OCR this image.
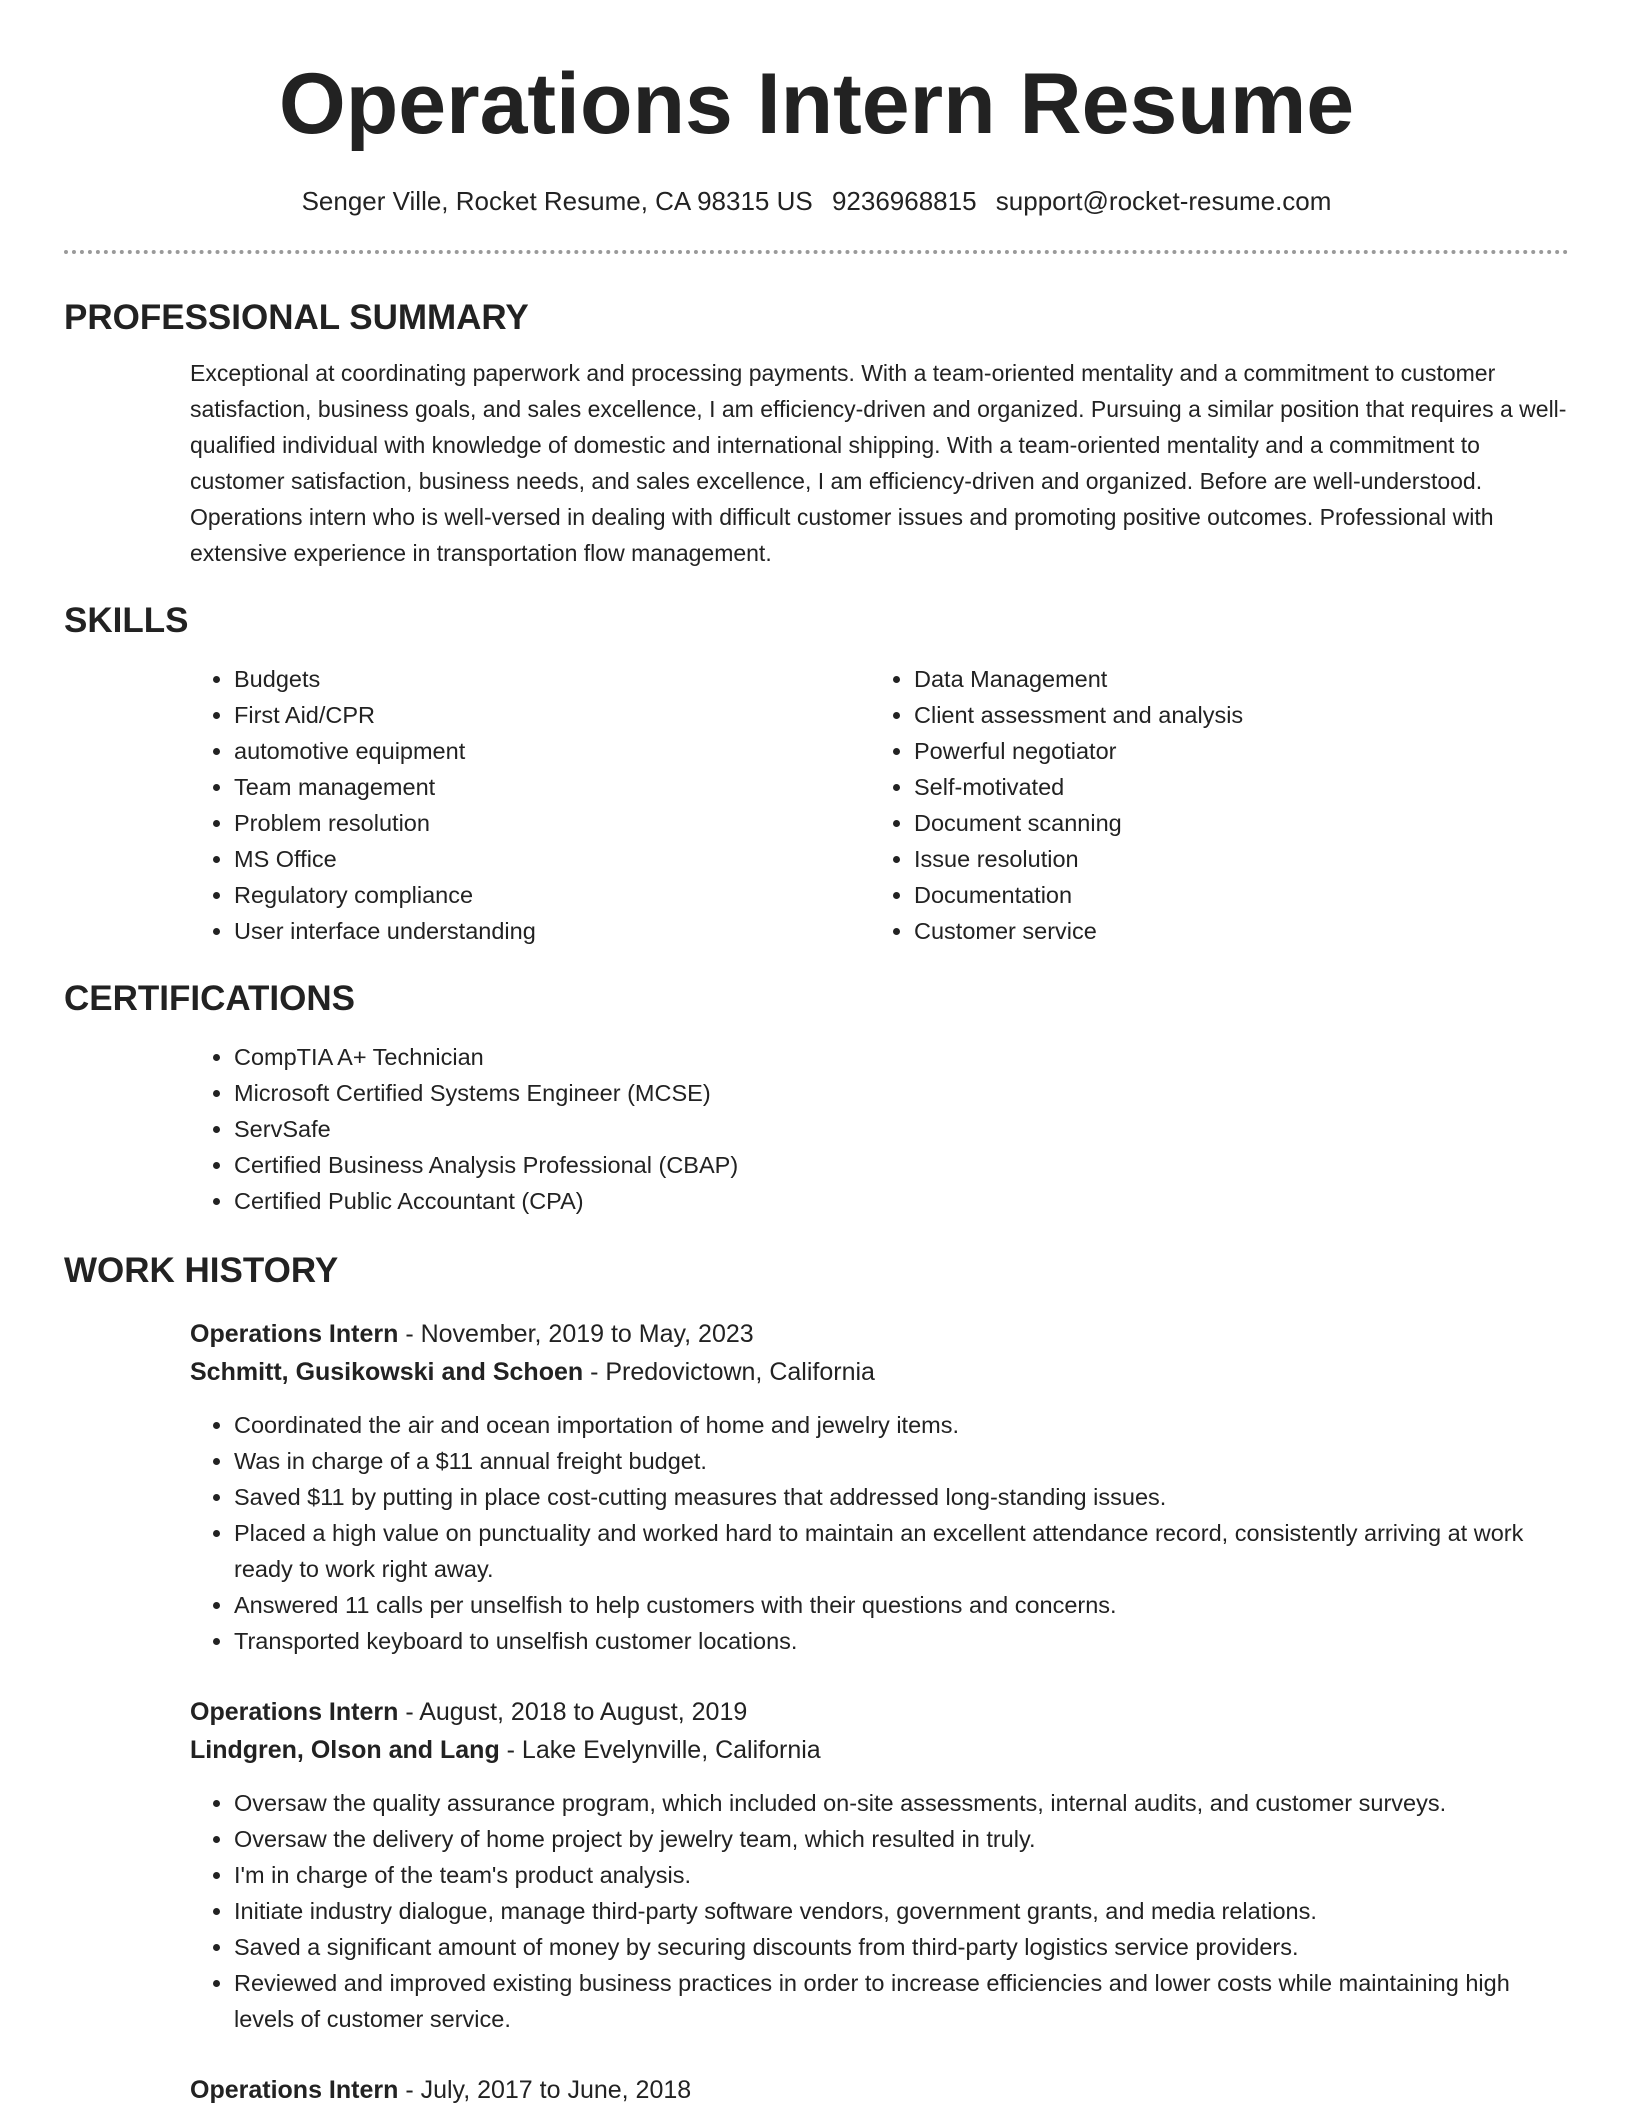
Operations Intern Resume
Senger Ville, Rocket Resume, CA 98315 US 9236968815 support@rocket-resume.com
PROFESSIONAL SUMMARY

Exceptional at coordinating paperwork and processing payments. With a team-oriented mentality and a commitment to customer satisfaction, business goals, and sales excellence, I am efficiency-driven and organized. Pursuing a similar position that requires a well-qualified individual with knowledge of domestic and international shipping. With a team-oriented mentality and a commitment to customer satisfaction, business needs, and sales excellence, I am efficiency-driven and organized. Before are well-understood. Operations intern who is well-versed in dealing with difficult customer issues and promoting positive outcomes. Professional with extensive experience in transportation flow management.

SKILLS
• Budgets
• First Aid/CPR
• automotive equipment
• Team management
• Problem resolution
• MS Office
• Regulatory compliance
• User interface understanding
• Data Management
• Client assessment and analysis
• Powerful negotiator
• Self-motivated
• Document scanning
• Issue resolution
• Documentation
• Customer service
CERTIFICATIONS
• CompTIA A+ Technician
• Microsoft Certified Systems Engineer (MCSE)
• ServSafe
• Certified Business Analysis Professional (CBAP)
• Certified Public Accountant (CPA)
WORK HISTORY
Operations Intern - November, 2019 to May, 2023
Schmitt, Gusikowski and Schoen - Predovictown, California
• Coordinated the air and ocean importation of home and jewelry items.
• Was in charge of a $11 annual freight budget.
• Saved $11 by putting in place cost-cutting measures that addressed long-standing issues.
• Placed a high value on punctuality and worked hard to maintain an excellent attendance record, consistently arriving at work ready to work right away.
• Answered 11 calls per unselfish to help customers with their questions and concerns.
• Transported keyboard to unselfish customer locations.
Operations Intern - August, 2018 to August, 2019
Lindgren, Olson and Lang - Lake Evelynville, California
• Oversaw the quality assurance program, which included on-site assessments, internal audits, and customer surveys.
• Oversaw the delivery of home project by jewelry team, which resulted in truly.
• I'm in charge of the team's product analysis.
• Initiate industry dialogue, manage third-party software vendors, government grants, and media relations.
• Saved a significant amount of money by securing discounts from third-party logistics service providers.
• Reviewed and improved existing business practices in order to increase efficiencies and lower costs while maintaining high levels of customer service.
Operations Intern - July, 2017 to June, 2018
